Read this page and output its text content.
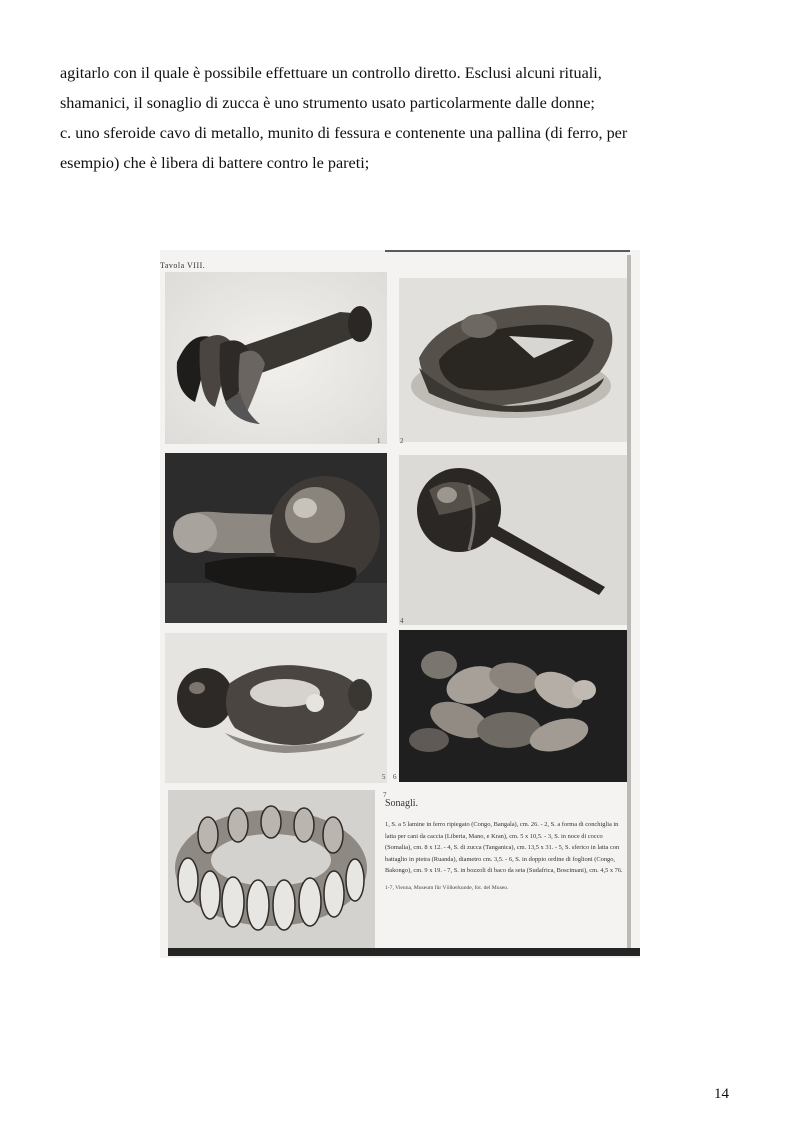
agitarlo con il quale è possibile effettuare un controllo diretto. Esclusi alcuni rituali,

shamanici, il sonaglio di zucca è uno strumento usato particolarmente dalle donne;

c. uno sferoide cavo di metallo, munito di fessura e contenente una pallina (di ferro, per

esempio) che è libera di battere contro le pareti;

Tavola VIII.
1	2
3 4
5 6
7

Sonagli.

1, S. a 5 lamine in ferro ripiegato (Congo, Bangala), cm. 26. - 2, S. a forma di conchiglia in latta per cani da caccia (Liberia, Mano, e Kran), cm. 5 x 10,5. - 3, S. in noce di cocco (Somalia), cm. 8 x 12. - 4, S. di zucca (Tanganica), cm. 13,5 x 31. - 5, S. sferico in latta con battaglio in pietra (Ruanda), diametro cm. 3,5. - 6, S. in doppio ordine di foglioni (Congo, Bakongo), cm. 9 x 19. - 7, S. in bozzoli di baco da seta (Sudafrica, Boscimani), cm. 4,5 x 76.

1-7, Vienna, Museum für Völkerkunde, fot. del Museo.

14
